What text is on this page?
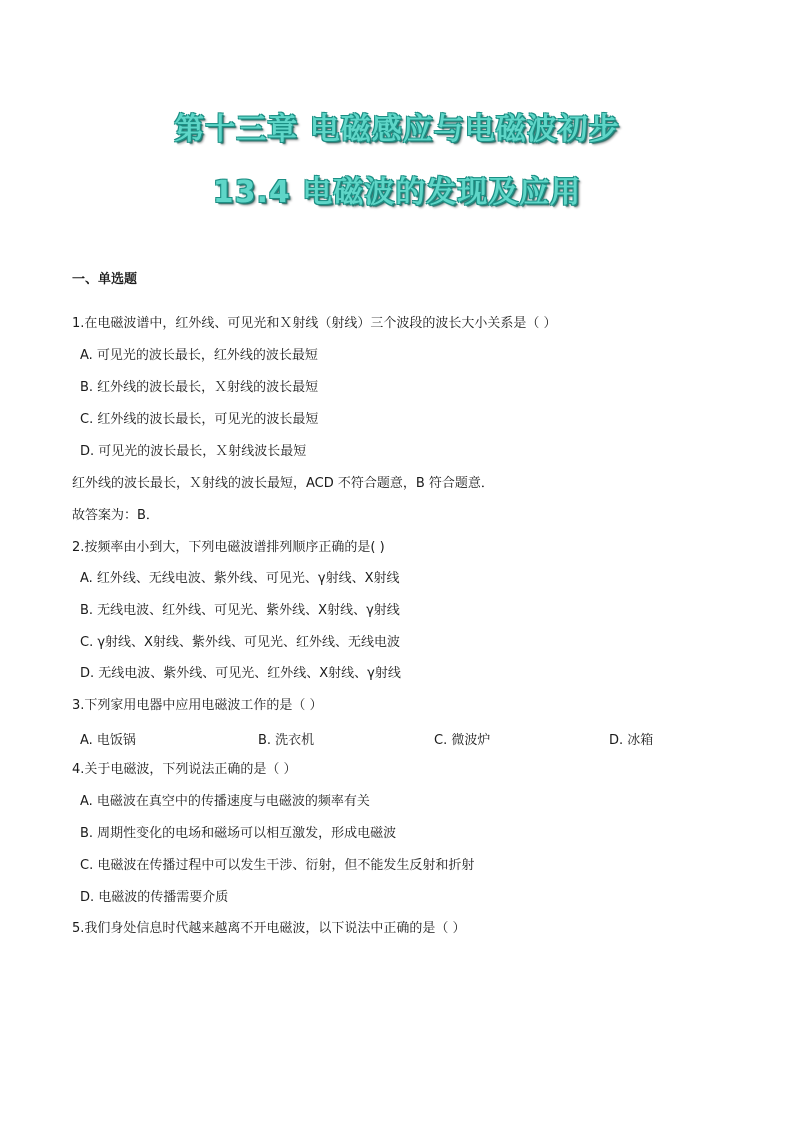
第十三章 电磁感应与电磁波初步
13.4 电磁波的发现及应用
一、单选题
1.在电磁波谱中，红外线、可见光和Ｘ射线（射线）三个波段的波长大小关系是（ ）
A. 可见光的波长最长，红外线的波长最短
B. 红外线的波长最长，Ｘ射线的波长最短
C. 红外线的波长最长，可见光的波长最短
D. 可见光的波长最长，Ｘ射线波长最短
红外线的波长最长，Ｘ射线的波长最短，ACD 不符合题意，B 符合题意．
故答案为：B．
2.按频率由小到大，下列电磁波谱排列顺序正确的是( )
A. 红外线、无线电波、紫外线、可见光、γ射线、X射线
B. 无线电波、红外线、可见光、紫外线、X射线、γ射线
C. γ射线、X射线、紫外线、可见光、红外线、无线电波
D. 无线电波、紫外线、可见光、红外线、X射线、γ射线
3.下列家用电器中应用电磁波工作的是（ ）
A. 电饭锅	B. 洗衣机	C. 微波炉	D. 冰箱
4.关于电磁波，下列说法正确的是（ ）
A. 电磁波在真空中的传播速度与电磁波的频率有关
B. 周期性变化的电场和磁场可以相互激发，形成电磁波
C. 电磁波在传播过程中可以发生干涉、衍射，但不能发生反射和折射
D. 电磁波的传播需要介质
5.我们身处信息时代越来越离不开电磁波，以下说法中正确的是（ ）
